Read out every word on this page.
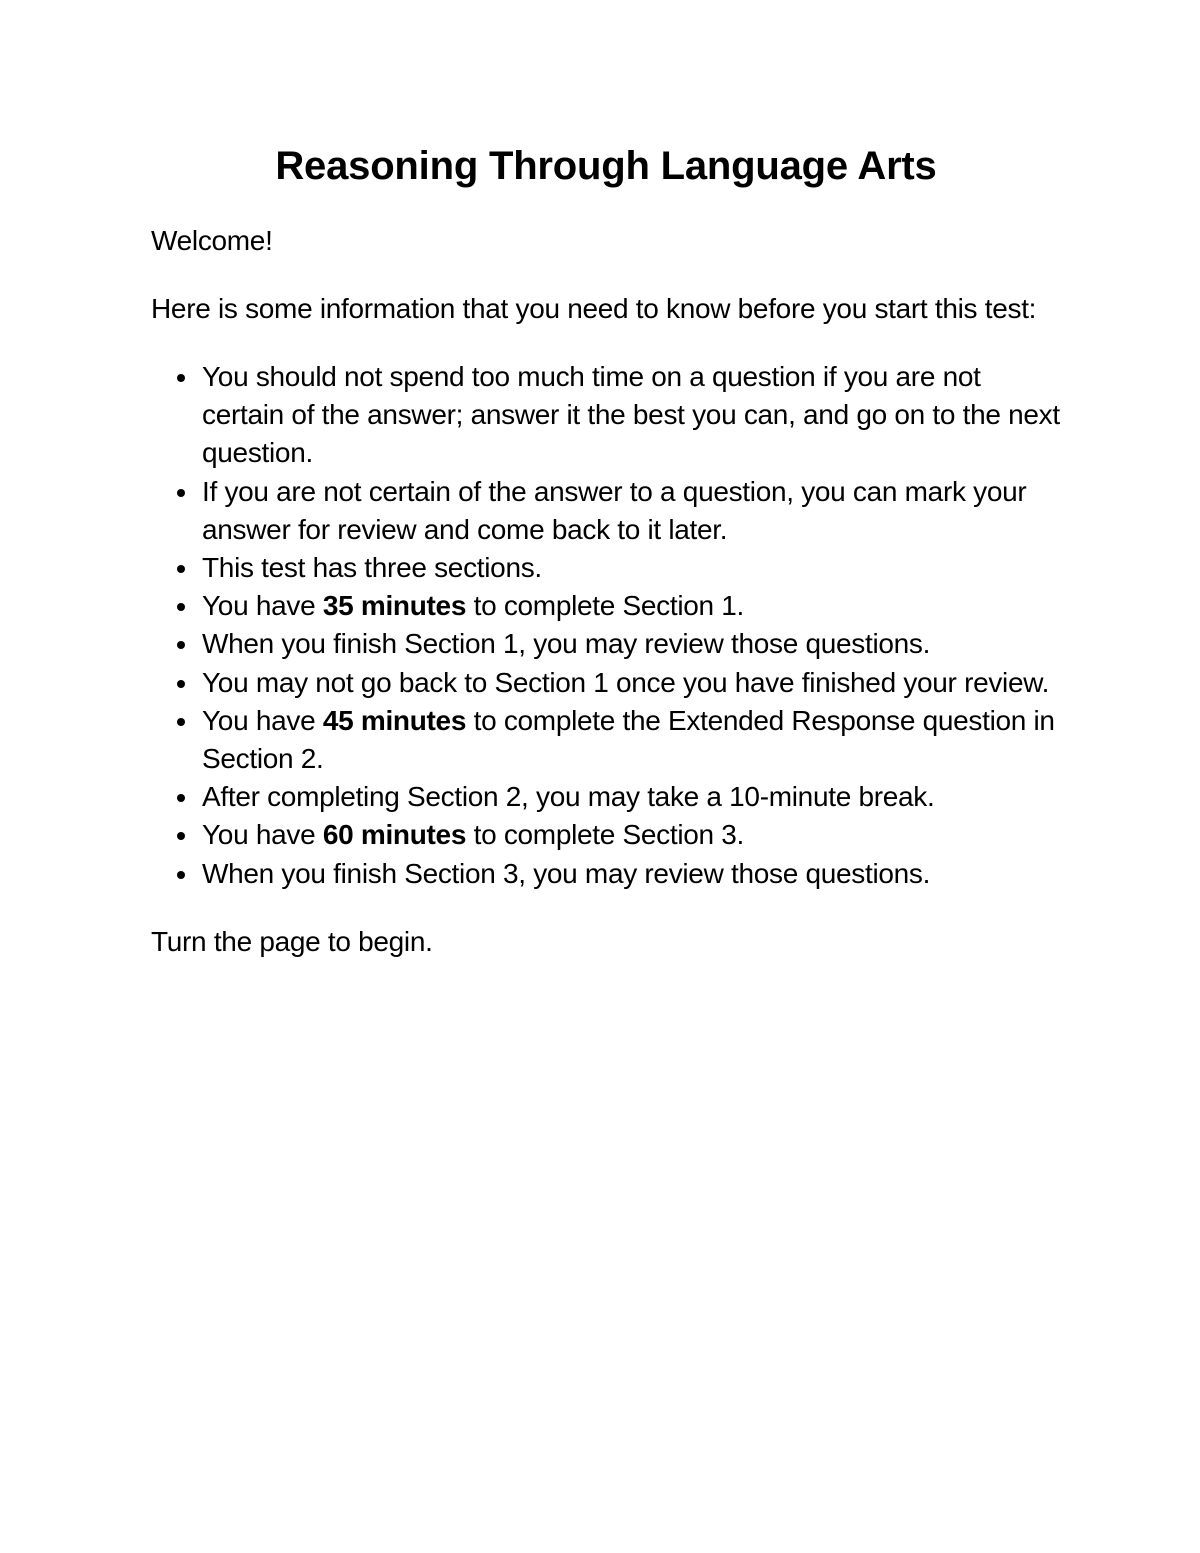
Reasoning Through Language Arts

Welcome!

Here is some information that you need to know before you start this test:

You should not spend too much time on a question if you are not certain of the answer; answer it the best you can, and go on to the next question.
If you are not certain of the answer to a question, you can mark your answer for review and come back to it later.
This test has three sections.
You have 35 minutes to complete Section 1.
When you finish Section 1, you may review those questions.
You may not go back to Section 1 once you have finished your review.
You have 45 minutes to complete the Extended Response question in Section 2.
After completing Section 2, you may take a 10-minute break.
You have 60 minutes to complete Section 3.
When you finish Section 3, you may review those questions.

Turn the page to begin.
